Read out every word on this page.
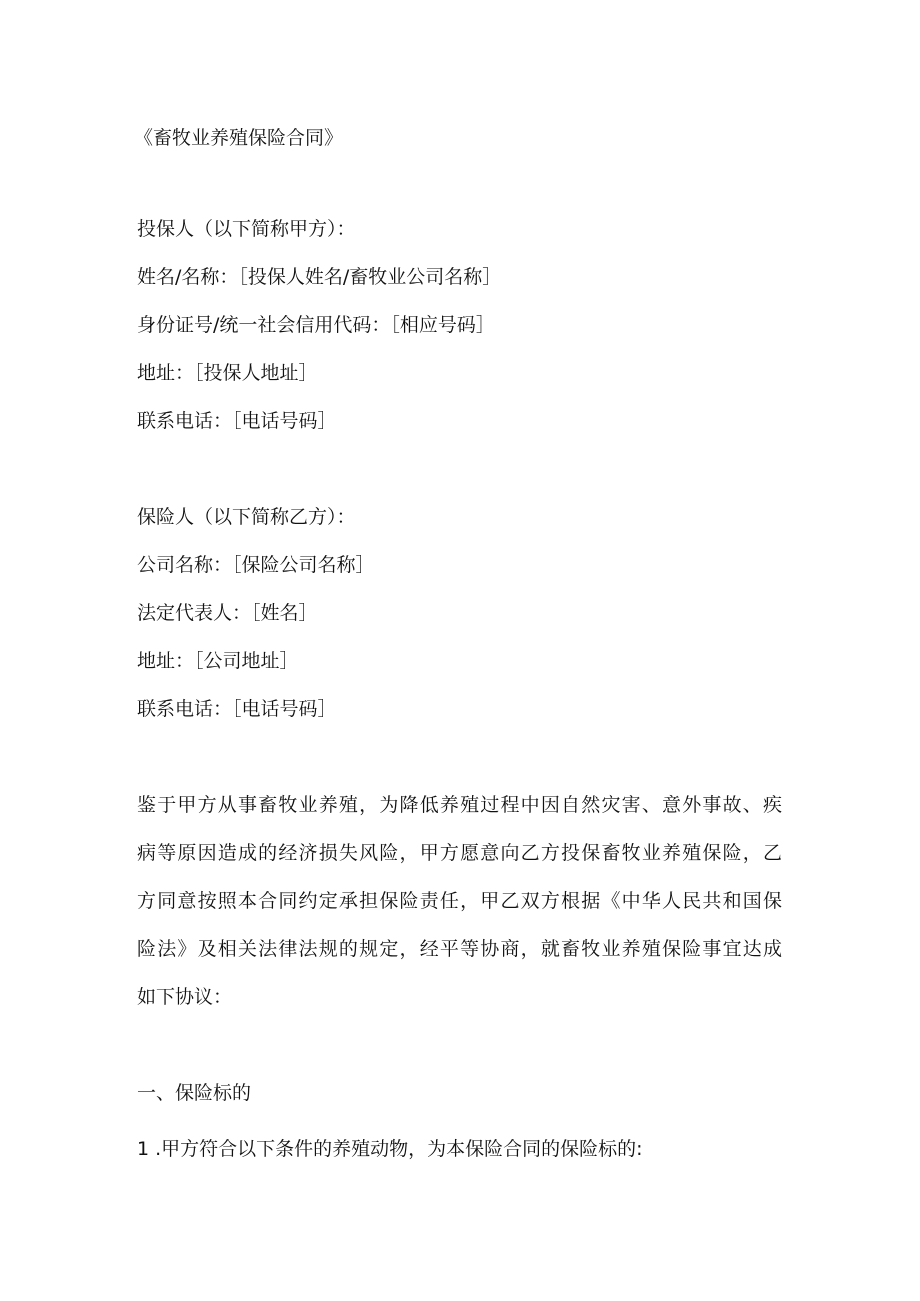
《畜牧业养殖保险合同》
投保人（以下简称甲方）：
姓名/名称：［投保人姓名/畜牧业公司名称］
身份证号/统一社会信用代码：［相应号码］
地址：［投保人地址］
联系电话：［电话号码］
保险人（以下简称乙方）：
公司名称：［保险公司名称］
法定代表人：［姓名］
地址：［公司地址］
联系电话：［电话号码］
鉴于甲方从事畜牧业养殖，为降低养殖过程中因自然灾害、意外事故、疾
病等原因造成的经济损失风险，甲方愿意向乙方投保畜牧业养殖保险，乙
方同意按照本合同约定承担保险责任，甲乙双方根据《中华人民共和国保
险法》及相关法律法规的规定，经平等协商，就畜牧业养殖保险事宜达成
如下协议：
一、保险标的
1 .甲方符合以下条件的养殖动物，为本保险合同的保险标的:
